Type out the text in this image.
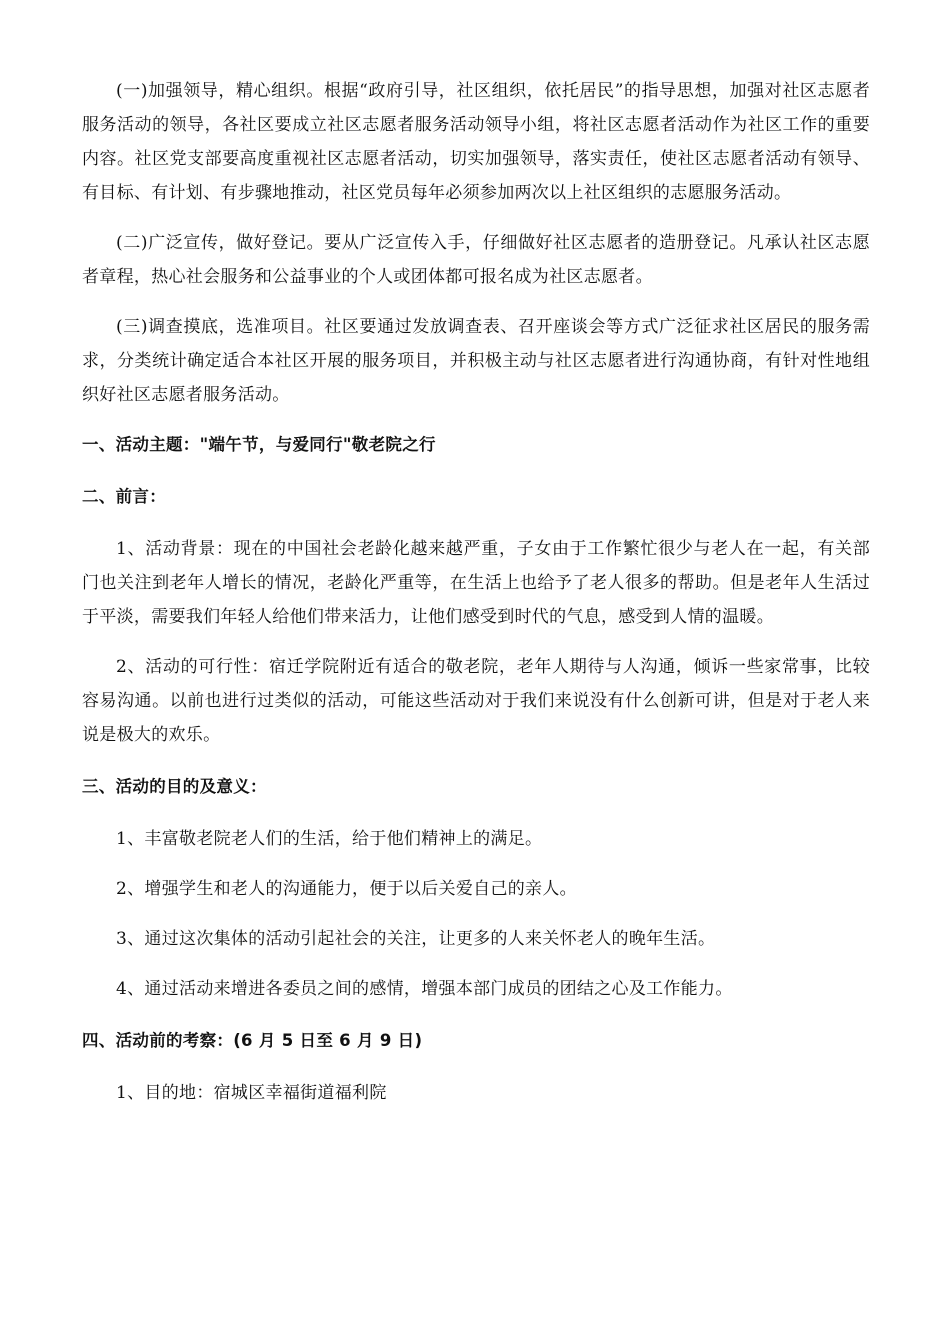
(一)加强领导，精心组织。根据“政府引导，社区组织，依托居民”的指导思想，加强对社区志愿者服务活动的领导，各社区要成立社区志愿者服务活动领导小组，将社区志愿者活动作为社区工作的重要内容。社区党支部要高度重视社区志愿者活动，切实加强领导，落实责任，使社区志愿者活动有领导、有目标、有计划、有步骤地推动，社区党员每年必须参加两次以上社区组织的志愿服务活动。

(二)广泛宣传，做好登记。要从广泛宣传入手，仔细做好社区志愿者的造册登记。凡承认社区志愿者章程，热心社会服务和公益事业的个人或团体都可报名成为社区志愿者。

(三)调查摸底，选准项目。社区要通过发放调查表、召开座谈会等方式广泛征求社区居民的服务需求，分类统计确定适合本社区开展的服务项目，并积极主动与社区志愿者进行沟通协商，有针对性地组织好社区志愿者服务活动。

一、活动主题："端午节，与爱同行"敬老院之行

二、前言：

1、活动背景：现在的中国社会老龄化越来越严重，子女由于工作繁忙很少与老人在一起，有关部门也关注到老年人增长的情况，老龄化严重等，在生活上也给予了老人很多的帮助。但是老年人生活过于平淡，需要我们年轻人给他们带来活力，让他们感受到时代的气息，感受到人情的温暖。

2、活动的可行性：宿迁学院附近有适合的敬老院，老年人期待与人沟通，倾诉一些家常事，比较容易沟通。以前也进行过类似的活动，可能这些活动对于我们来说没有什么创新可讲，但是对于老人来说是极大的欢乐。

三、活动的目的及意义：

1、丰富敬老院老人们的生活，给于他们精神上的满足。

2、增强学生和老人的沟通能力，便于以后关爱自己的亲人。

3、通过这次集体的活动引起社会的关注，让更多的人来关怀老人的晚年生活。

4、通过活动来增进各委员之间的感情，增强本部门成员的团结之心及工作能力。

四、活动前的考察：(6 月 5 日至 6 月 9 日)

1、目的地：宿城区幸福街道福利院
